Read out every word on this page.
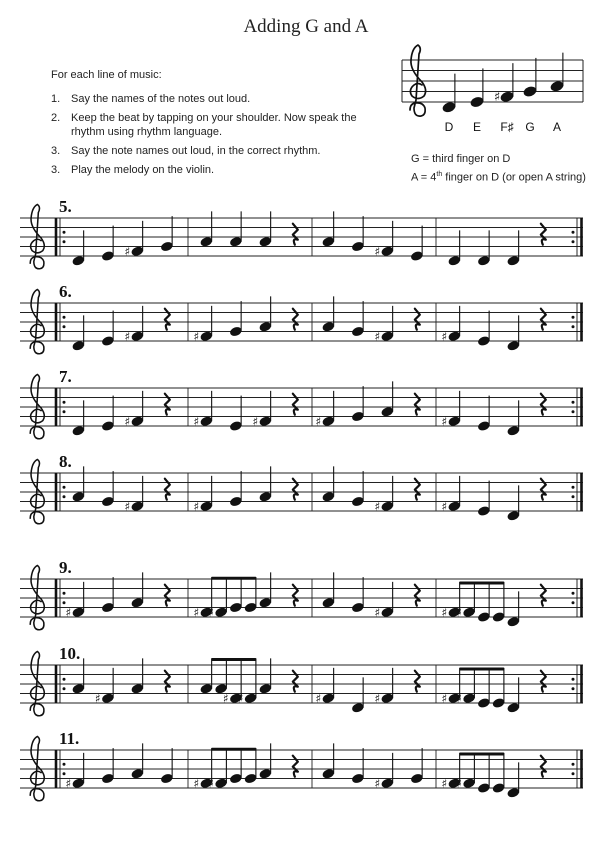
Adding G and A
For each line of music:
1. Say the names of the notes out loud.
2. Keep the beat by tapping on your shoulder. Now speak the rhythm using rhythm language.
3. Say the note names out loud, in the correct rhythm.
3. Play the melody on the violin.
D E F♯ G A
G = third finger on D
A = 4th finger on D (or open A string)
♯
5.
♯	♯
6.
♯	♯	♯	♯
7.
♯	♯	♯	♯	♯
8.
♯	♯	♯	♯
9.
♯	♯ ♯	♯	♯ ♯
10.
♯	♯ ♯	♯	♯	♯ ♯
11.
♯	♯ ♯	♯	♯ ♯
